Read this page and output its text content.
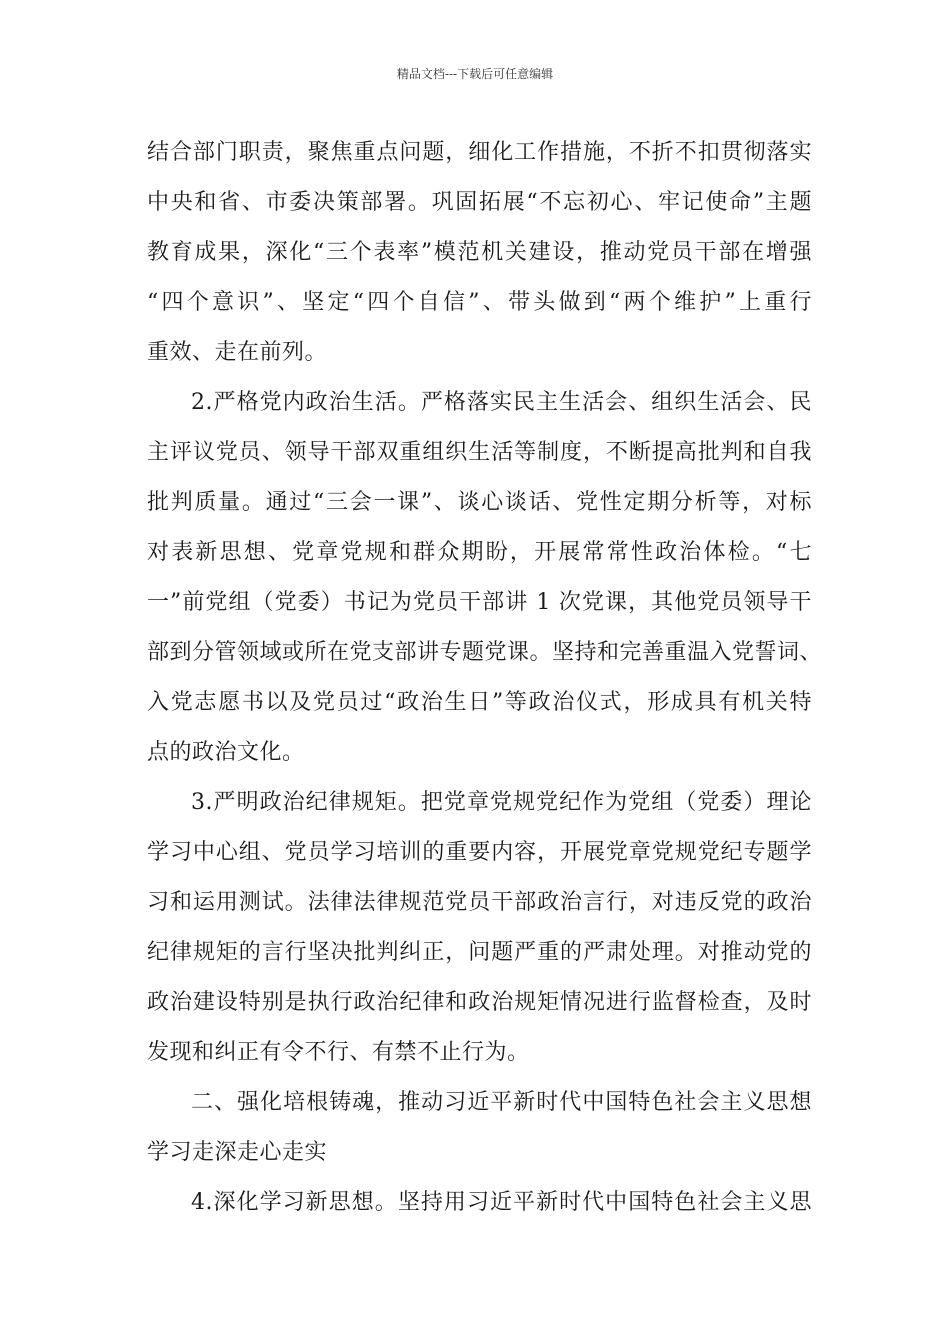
精品文档---下载后可任意编辑
结合部门职责，聚焦重点问题，细化工作措施，不折不扣贯彻落实
中央和省、市委决策部署。巩固拓展“不忘初心、牢记使命”主题
教育成果，深化“三个表率”模范机关建设，推动党员干部在增强
“四个意识”、坚定“四个自信”、带头做到“两个维护”上重行
重效、走在前列。
2.严格党内政治生活。严格落实民主生活会、组织生活会、民
主评议党员、领导干部双重组织生活等制度，不断提高批判和自我
批判质量。通过“三会一课”、谈心谈话、党性定期分析等，对标
对表新思想、党章党规和群众期盼，开展常常性政治体检。“七
一”前党组（党委）书记为党员干部讲 1 次党课，其他党员领导干
部到分管领域或所在党支部讲专题党课。坚持和完善重温入党誓词、
入党志愿书以及党员过“政治生日”等政治仪式，形成具有机关特
点的政治文化。
3.严明政治纪律规矩。把党章党规党纪作为党组（党委）理论
学习中心组、党员学习培训的重要内容，开展党章党规党纪专题学
习和运用测试。法律法律规范党员干部政治言行，对违反党的政治
纪律规矩的言行坚决批判纠正，问题严重的严肃处理。对推动党的
政治建设特别是执行政治纪律和政治规矩情况进行监督检查，及时
发现和纠正有令不行、有禁不止行为。
二、强化培根铸魂，推动习近平新时代中国特色社会主义思想
学习走深走心走实
4.深化学习新思想。坚持用习近平新时代中国特色社会主义思
